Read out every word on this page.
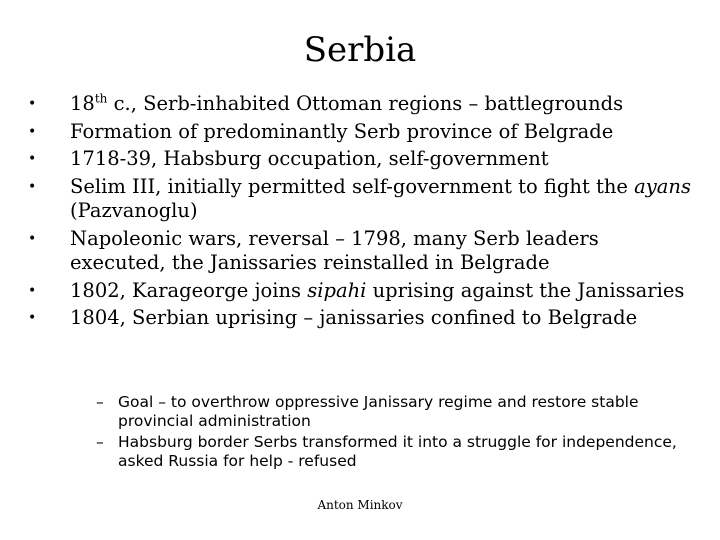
Serbia
• 18th c., Serb-inhabited Ottoman regions – battlegrounds
• Formation of predominantly Serb province of Belgrade
• 1718-39, Habsburg occupation, self-government
• Selim III, initially permitted self-government to fight the ayans (Pazvanoglu)
• Napoleonic wars, reversal – 1798, many Serb leaders executed, the Janissaries reinstalled in Belgrade
• 1802, Karageorge joins sipahi uprising against the Janissaries
• 1804, Serbian uprising – janissaries confined to Belgrade
– Goal – to overthrow oppressive Janissary regime and restore stable provincial administration
– Habsburg border Serbs transformed it into a struggle for independence, asked Russia for help - refused
Anton Minkov
